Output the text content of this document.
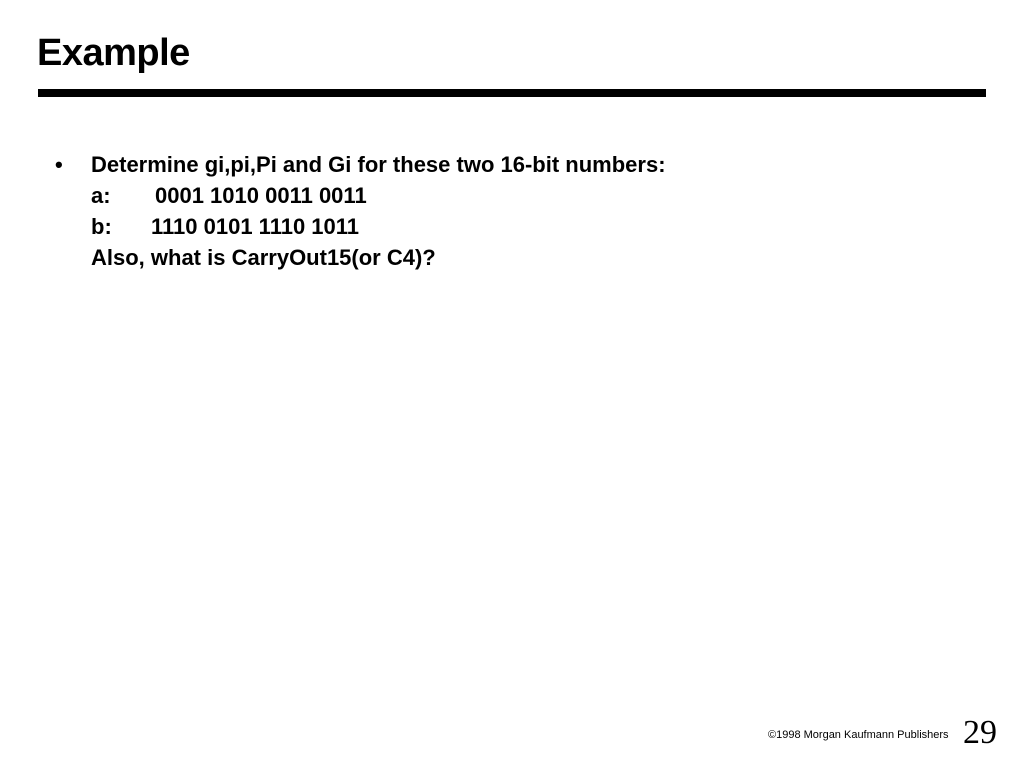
Example
• Determine gi,pi,Pi and Gi for these two 16-bit numbers:
a: 0001 1010 0011 0011
b: 1110 0101 1110 1011
Also, what is CarryOut15(or C4)?
©1998 Morgan Kaufmann Publishers 29
